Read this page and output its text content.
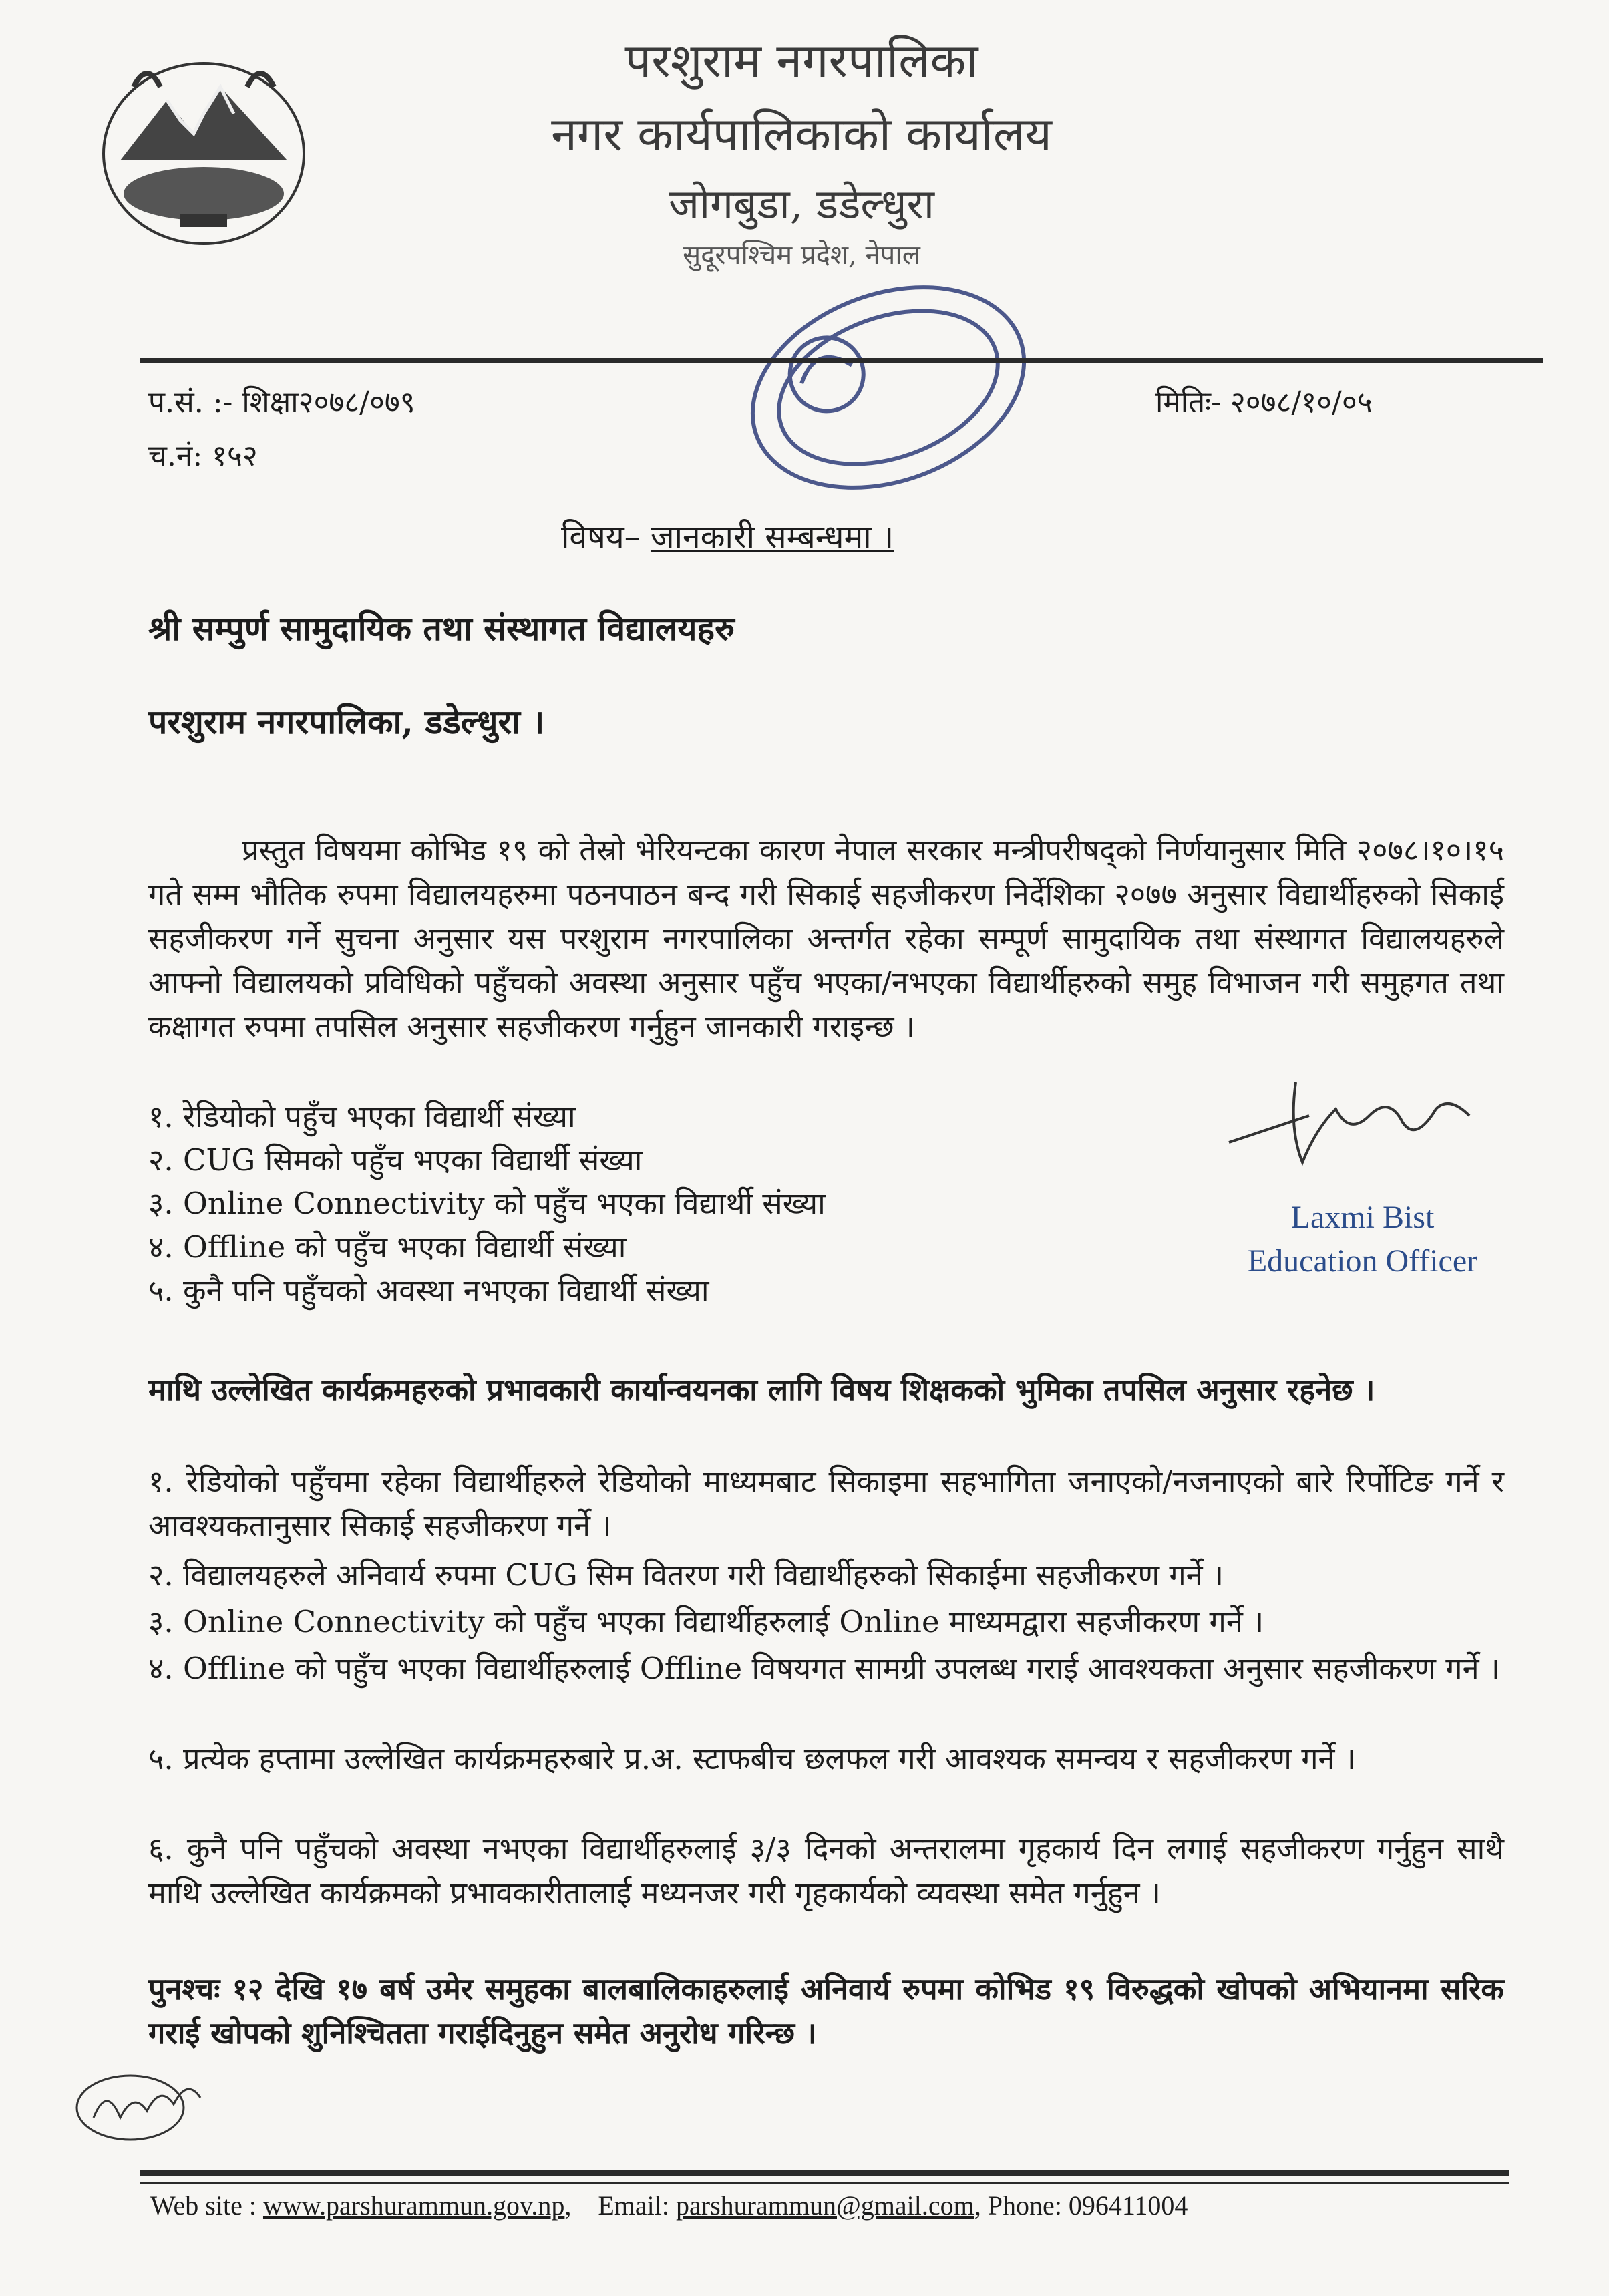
परशुराम नगरपालिका
नगर कार्यपालिकाको कार्यालय
जोगबुडा, डडेल्धुरा
सुदूरपश्चिम प्रदेश, नेपाल
प.सं. :- शिक्षा२०७८/०७९
च.नं: १५२
मितिः- २०७८/१०/०५
विषय– जानकारी सम्बन्धमा ।
श्री सम्पुर्ण सामुदायिक तथा संस्थागत विद्यालयहरु
परशुराम नगरपालिका, डडेल्धुरा ।
प्रस्तुत विषयमा कोभिड १९ को तेस्रो भेरियन्टका कारण नेपाल सरकार मन्त्रीपरीषद्को निर्णयानुसार मिति २०७८।१०।१५ गते सम्म भौतिक रुपमा विद्यालयहरुमा पठनपाठन बन्द गरी सिकाई सहजीकरण निर्देशिका २०७७ अनुसार विद्यार्थीहरुको सिकाई सहजीकरण गर्ने सुचना अनुसार यस परशुराम नगरपालिका अन्तर्गत रहेका सम्पूर्ण सामुदायिक तथा संस्थागत विद्यालयहरुले आफ्नो विद्यालयको प्रविधिको पहुँचको अवस्था अनुसार पहुँच भएका/नभएका विद्यार्थीहरुको समुह विभाजन गरी समुहगत तथा कक्षागत रुपमा तपसिल अनुसार सहजीकरण गर्नुहुन जानकारी गराइन्छ ।
१. रेडियोको पहुँच भएका विद्यार्थी संख्या
२. CUG सिमको पहुँच भएका विद्यार्थी संख्या
३. Online Connectivity को पहुँच भएका विद्यार्थी संख्या
४. Offline को पहुँच भएका विद्यार्थी संख्या
५. कुनै पनि पहुँचको अवस्था नभएका विद्यार्थी संख्या
Laxmi Bist
Education Officer
माथि उल्लेखित कार्यक्रमहरुको प्रभावकारी कार्यान्वयनका लागि विषय शिक्षकको भुमिका तपसिल अनुसार रहनेछ ।
१. रेडियोको पहुँचमा रहेका विद्यार्थीहरुले रेडियोको माध्यमबाट सिकाइमा सहभागिता जनाएको/नजनाएको बारे रिर्पोटिङ गर्ने र आवश्यकतानुसार सिकाई सहजीकरण गर्ने ।
२. विद्यालयहरुले अनिवार्य रुपमा CUG सिम वितरण गरी विद्यार्थीहरुको सिकाईमा सहजीकरण गर्ने ।
३. Online Connectivity को पहुँच भएका विद्यार्थीहरुलाई Online माध्यमद्वारा सहजीकरण गर्ने ।
४. Offline को पहुँच भएका विद्यार्थीहरुलाई Offline विषयगत सामग्री उपलब्ध गराई आवश्यकता अनुसार सहजीकरण गर्ने ।
५. प्रत्येक हप्तामा उल्लेखित कार्यक्रमहरुबारे प्र.अ. स्टाफबीच छलफल गरी आवश्यक समन्वय र सहजीकरण गर्ने ।
६. कुनै पनि पहुँचको अवस्था नभएका विद्यार्थीहरुलाई ३/३ दिनको अन्तरालमा गृहकार्य दिन लगाई सहजीकरण गर्नुहुन साथै माथि उल्लेखित कार्यक्रमको प्रभावकारीतालाई मध्यनजर गरी गृहकार्यको व्यवस्था समेत गर्नुहुन ।
पुनश्चः १२ देखि १७ बर्ष उमेर समुहका बालबालिकाहरुलाई अनिवार्य रुपमा कोभिड १९ विरुद्धको खोपको अभियानमा सरिक गराई खोपको शुनिश्चितता गराईदिनुहुन समेत अनुरोध गरिन्छ ।
Web site : www.parshurammun.gov.np,    Email: parshurammun@gmail.com, Phone: 096411004
